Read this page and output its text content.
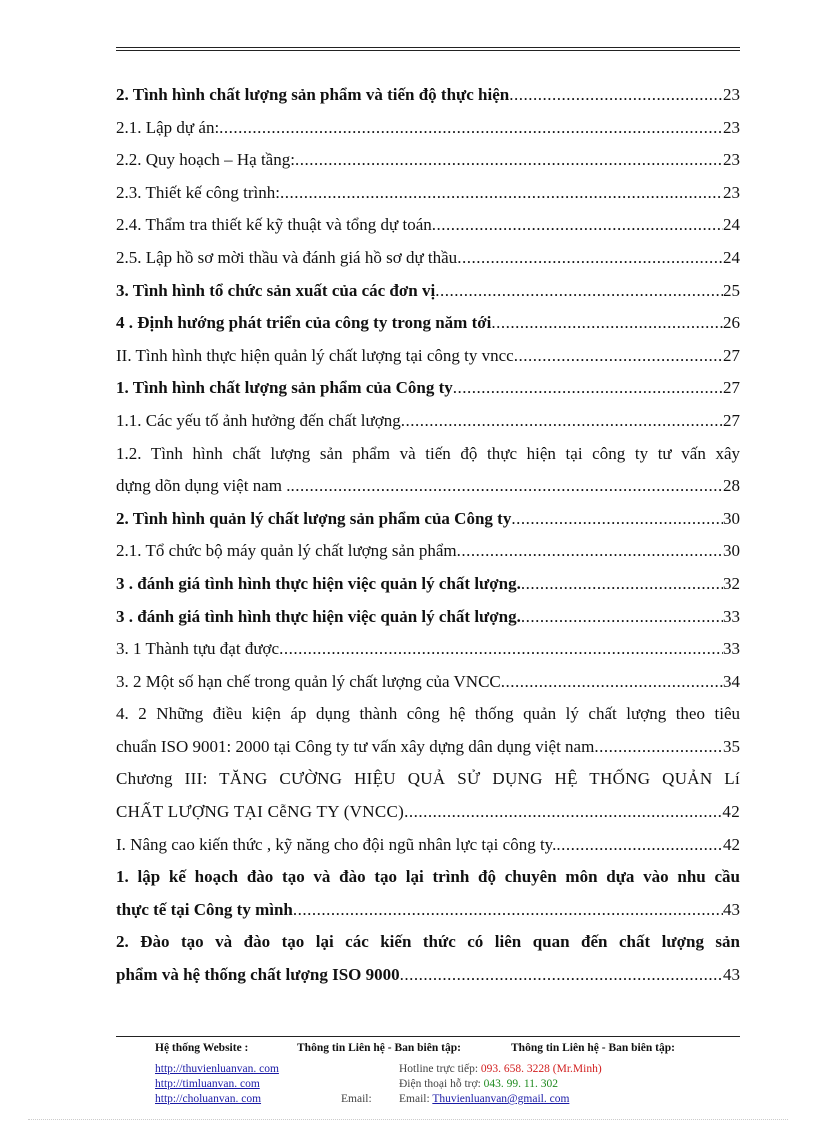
2. Tình hình chất lượng sản phẩm và tiến độ thực hiện .....	23
2.1. Lập dự án: .....	23
2.2. Quy hoạch – Hạ tầng: .....	23
2.3. Thiết kế công trình: .....	23
2.4. Thẩm tra thiết kế kỹ thuật và tổng dự toán .....	24
2.5. Lập hồ sơ mời thầu và đánh giá hồ sơ dự thầu .....	24
3. Tình hình tổ chức sản xuất của các đơn vị .....	25
4 . Định hướng phát triển của công ty trong năm tới .....	26
II. Tình hình thực hiện quản lý chất lượng tại công ty vncc .....	27
1. Tình hình chất lượng sản phẩm của Công ty .....	27
1.1. Các yếu tố ảnh hưởng đến chất lượng .....	27
1.2. Tình hình chất lượng sản phẩm và tiến độ thực hiện tại công ty tư vấn xây
dựng dõn dụng việt nam . .....	28
2. Tình hình quản lý chất lượng sản phẩm của Công ty .....	30
2.1. Tổ chức bộ máy quản lý chất lượng sản phẩm .....	30
3 . đánh giá tình hình thực hiện việc quản lý chất lượng. .....	32
3 . đánh giá tình hình thực hiện việc quản lý chất lượng. .....	33
3. 1 Thành tựu đạt được .....	33
3. 2 Một số hạn chế trong quản lý chất lượng của VNCC .....	34
4. 2 Những điều kiện áp dụng thành công hệ thống quản lý chất lượng theo tiêu
chuẩn ISO 9001: 2000 tại Công ty tư vấn xây dựng dân dụng việt nam .....	35
Chương III: TĂNG CƯỜNG HIỆU QUẢ SỬ DỤNG HỆ THỐNG QUẢN Lí
CHẤT LƯỢNG TẠI CễNG TY (VNCC) .....	42
I. Nâng cao kiến thức , kỹ năng cho đội ngũ nhân lực tại công ty. .....	42
1. lập kế hoạch đào tạo và đào tạo lại trình độ chuyên môn dựa vào nhu cầu
thực tế tại Công ty mình .....	43
2. Đào tạo và đào tạo lại các kiến thức có liên quan đến chất lượng sản
phẩm và hệ thống chất lượng ISO 9000 .....	43
Hệ thống Website :	Thông tin Liên hệ - Ban biên tập:	Thông tin Liên hệ - Ban biên tập:
http://thuvienluanvan. com
http://timluanvan. com
http://choluanvan. com	Email:
Hotline trực tiếp: 093. 658. 3228 (Mr.Minh)
Điện thoại hỗ trợ: 043. 99. 11. 302
Email: Thuvienluanvan@gmail. com
